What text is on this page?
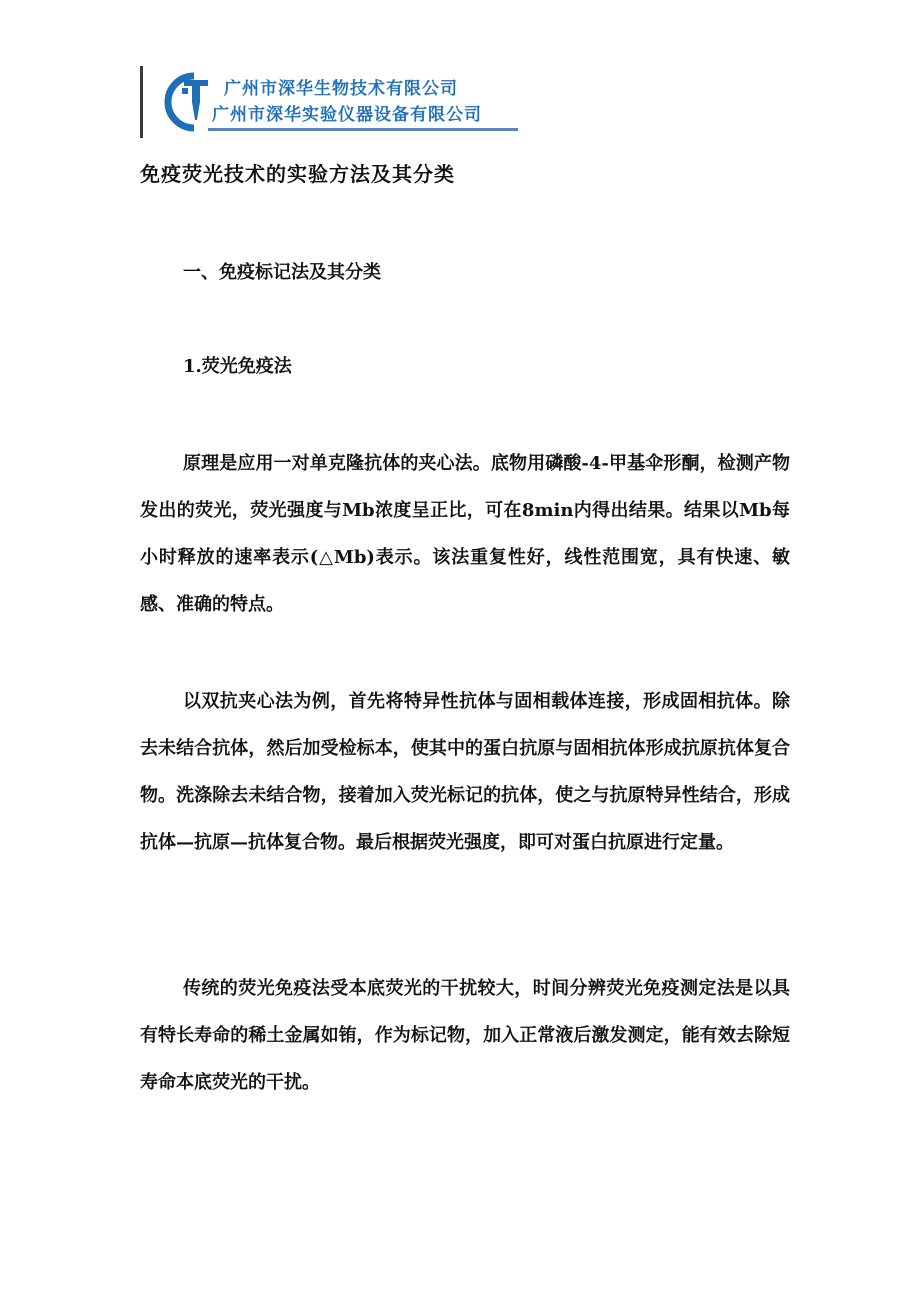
广州市深华生物技术有限公司
广州市深华实验仪器设备有限公司
免疫荧光技术的实验方法及其分类
一、免疫标记法及其分类
1.荧光免疫法

原理是应用一对单克隆抗体的夹心法。底物用磷酸-4-甲基伞形酮，检测产物发出的荧光，荧光强度与Mb浓度呈正比，可在8min内得出结果。结果以Mb每小时释放的速率表示(△Mb)表示。该法重复性好，线性范围宽，具有快速、敏感、准确的特点。

以双抗夹心法为例，首先将特异性抗体与固相载体连接，形成固相抗体。除去未结合抗体，然后加受检标本，使其中的蛋白抗原与固相抗体形成抗原抗体复合物。洗涤除去未结合物，接着加入荧光标记的抗体，使之与抗原特异性结合，形成抗体—抗原—抗体复合物。最后根据荧光强度，即可对蛋白抗原进行定量。

传统的荧光免疫法受本底荧光的干扰较大，时间分辨荧光免疫测定法是以具有特长寿命的稀土金属如铕，作为标记物，加入正常液后激发测定，能有效去除短寿命本底荧光的干扰。
